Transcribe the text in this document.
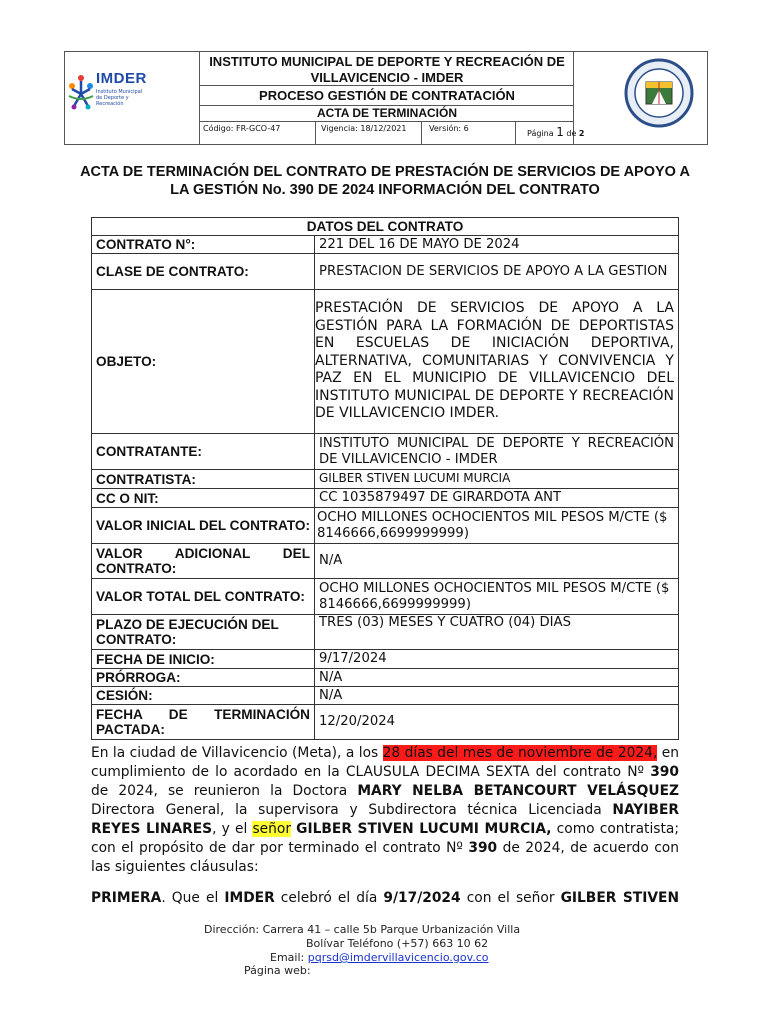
INSTITUTO MUNICIPAL DE DEPORTE Y RECREACIÓN DE
VILLAVICENCIO - IMDER
PROCESO GESTIÓN DE CONTRATACIÓN
ACTA DE TERMINACIÓN
Código: FR-GCO-47	Vigencia: 18/12/2021	Versión: 6
Página 1 de 2
IMDER
Instituto Municipal de Deporte y Recreación
ACTA DE TERMINACIÓN DEL CONTRATO DE PRESTACIÓN DE SERVICIOS DE APOYO A LA GESTIÓN No. 390 DE 2024 INFORMACIÓN DEL CONTRATO
DATOS DEL CONTRATO	
CONTRATO N°:	221 DEL 16 DE MAYO DE 2024
CLASE DE CONTRATO:	PRESTACION DE SERVICIOS DE APOYO A LA GESTION
OBJETO:	PRESTACIÓN DE SERVICIOS DE APOYO A LA GESTIÓN PARA LA FORMACIÓN DE DEPORTISTAS EN ESCUELAS DE INICIACIÓN DEPORTIVA, ALTERNATIVA, COMUNITARIAS Y CONVIVENCIA Y PAZ EN EL MUNICIPIO DE VILLAVICENCIO DEL INSTITUTO MUNICIPAL DE DEPORTE Y RECREACIÓN DE VILLAVICENCIO IMDER.
CONTRATANTE:	INSTITUTO MUNICIPAL DE DEPORTE Y RECREACIÓN DE VILLAVICENCIO - IMDER
CONTRATISTA:	GILBER STIVEN LUCUMI MURCIA
CC O NIT:	CC 1035879497 DE GIRARDOTA ANT
VALOR INICIAL DEL CONTRATO:	OCHO MILLONES OCHOCIENTOS MIL PESOS M/CTE ($ 8146666,6699999999)
VALOR ADICIONAL DEL CONTRATO:	N/A
VALOR TOTAL DEL CONTRATO:	OCHO MILLONES OCHOCIENTOS MIL PESOS M/CTE ($ 8146666,6699999999)
PLAZO DE EJECUCIÓN DEL CONTRATO:	TRES (03) MESES Y CUATRO (04) DIAS
FECHA DE INICIO:	9/17/2024
PRÓRROGA:	N/A
CESIÓN:	N/A
FECHA DE TERMINACIÓN PACTADA:	12/20/2024
En la ciudad de Villavicencio (Meta), a los 28 días del mes de noviembre de 2024, en cumplimiento de lo acordado en la CLAUSULA DECIMA SEXTA del contrato Nº 390 de 2024, se reunieron la Doctora MARY NELBA BETANCOURT VELÁSQUEZ Directora General, la supervisora y Subdirectora técnica Licenciada NAYIBER REYES LINARES, y el señor GILBER STIVEN LUCUMI MURCIA, como contratista; con el propósito de dar por terminado el contrato Nº 390 de 2024, de acuerdo con las siguientes cláusulas:
PRIMERA. Que el IMDER celebró el día 9/17/2024 con el señor GILBER STIVEN
Dirección: Carrera 41 – calle 5b Parque Urbanización Villa
Bolívar Teléfono (+57) 663 10 62
Email: pqrsd@imdervillavicencio.gov.co
Página web:
